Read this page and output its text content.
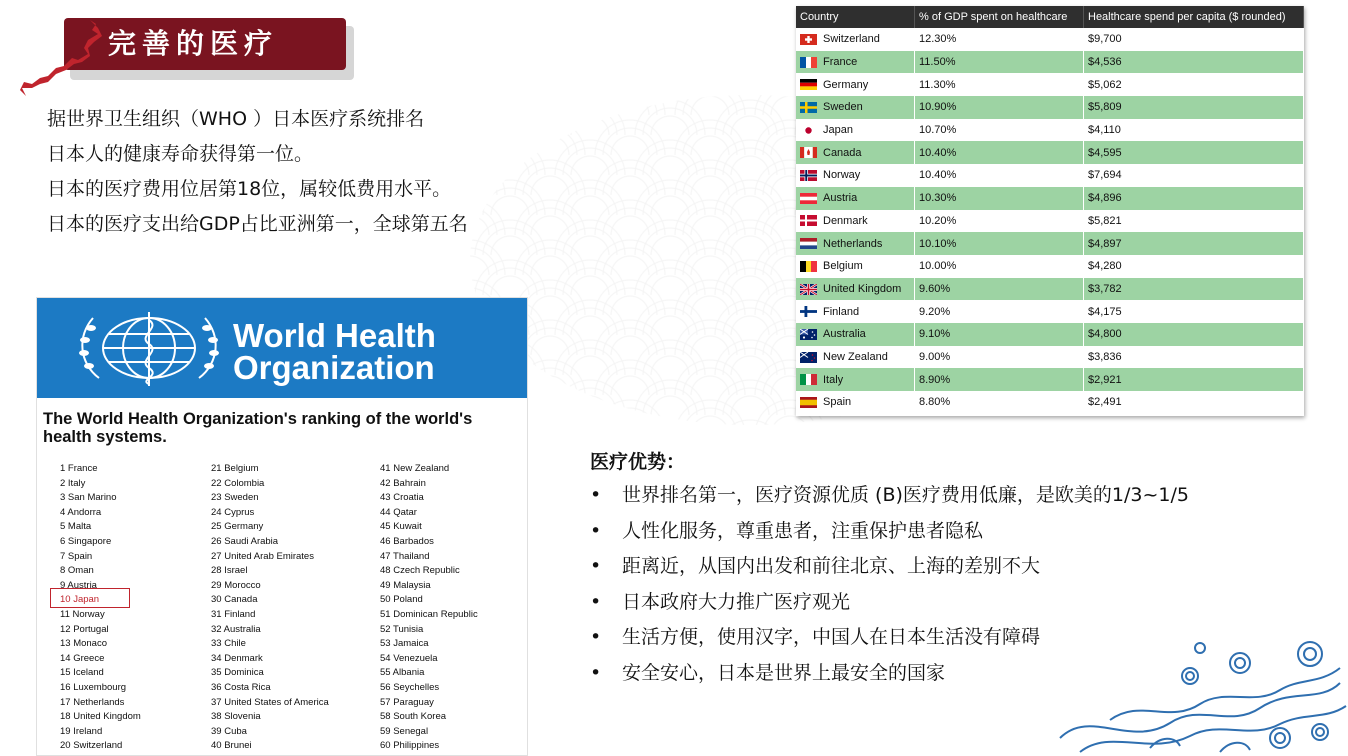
完善的医疗
据世界卫生组织（WHO ）日本医疗系统排名
日本人的健康寿命获得第一位。
日本的医疗费用位居第18位，属较低费用水平。
日本的医疗支出给GDP占比亚洲第一，全球第五名
World Health
Organization
The World Health Organization's ranking of the world's health systems.
1 France
2 Italy
3 San Marino
4 Andorra
5 Malta
6 Singapore
7 Spain
8 Oman
9 Austria
10 Japan
11 Norway
12 Portugal
13 Monaco
14 Greece
15 Iceland
16 Luxembourg
17 Netherlands
18 United Kingdom
19 Ireland
20 Switzerland
21 Belgium
22 Colombia
23 Sweden
24 Cyprus
25 Germany
26 Saudi Arabia
27 United Arab Emirates
28 Israel
29 Morocco
30 Canada
31 Finland
32 Australia
33 Chile
34 Denmark
35 Dominica
36 Costa Rica
37 United States of America
38 Slovenia
39 Cuba
40 Brunei
41 New Zealand
42 Bahrain
43 Croatia
44 Qatar
45 Kuwait
46 Barbados
47 Thailand
48 Czech Republic
49 Malaysia
50 Poland
51 Dominican Republic
52 Tunisia
53 Jamaica
54 Venezuela
55 Albania
56 Seychelles
57 Paraguay
58 South Korea
59 Senegal
60 Philippines
Country	% of GDP spent on healthcare	Healthcare spend per capita ($ rounded)
Switzerland	12.30%	$9,700
France	11.50%	$4,536
Germany	11.30%	$5,062
Sweden	10.90%	$5,809
Japan	10.70%	$4,110
Canada	10.40%	$4,595
Norway	10.40%	$7,694
Austria	10.30%	$4,896
Denmark	10.20%	$5,821
Netherlands	10.10%	$4,897
Belgium	10.00%	$4,280
United Kingdom	9.60%	$3,782
Finland	9.20%	$4,175
Australia	9.10%	$4,800
New Zealand	9.00%	$3,836
Italy	8.90%	$2,921
Spain	8.80%	$2,491
医疗优势：
• 世界排名第一，医疗资源优质 (B)医疗费用低廉，是欧美的1/3~1/5
• 人性化服务，尊重患者，注重保护患者隐私
• 距离近，从国内出发和前往北京、上海的差别不大
• 日本政府大力推广医疗观光
• 生活方便，使用汉字，中国人在日本生活没有障碍
• 安全安心，日本是世界上最安全的国家
